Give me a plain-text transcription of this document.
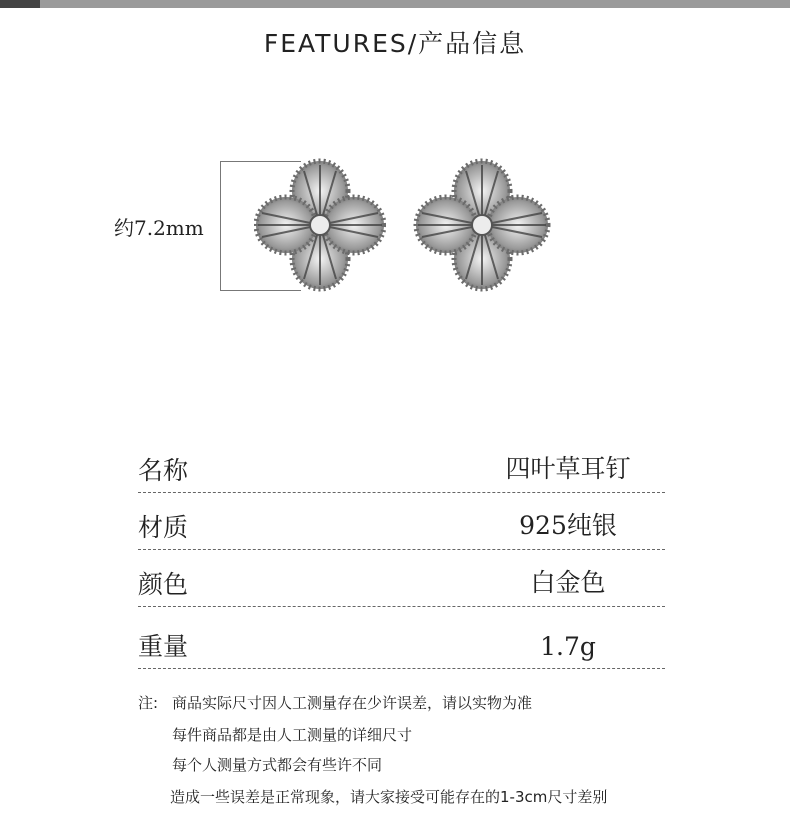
FEATURES/产品信息
约7.2mm
名称	四叶草耳钉
材质	925纯银
颜色	白金色
重量	1.7g
注: 商品实际尺寸因人工测量存在少许误差，请以实物为准
每件商品都是由人工测量的详细尺寸
每个人测量方式都会有些许不同
造成一些误差是正常现象，请大家接受可能存在的1-3cm尺寸差别
